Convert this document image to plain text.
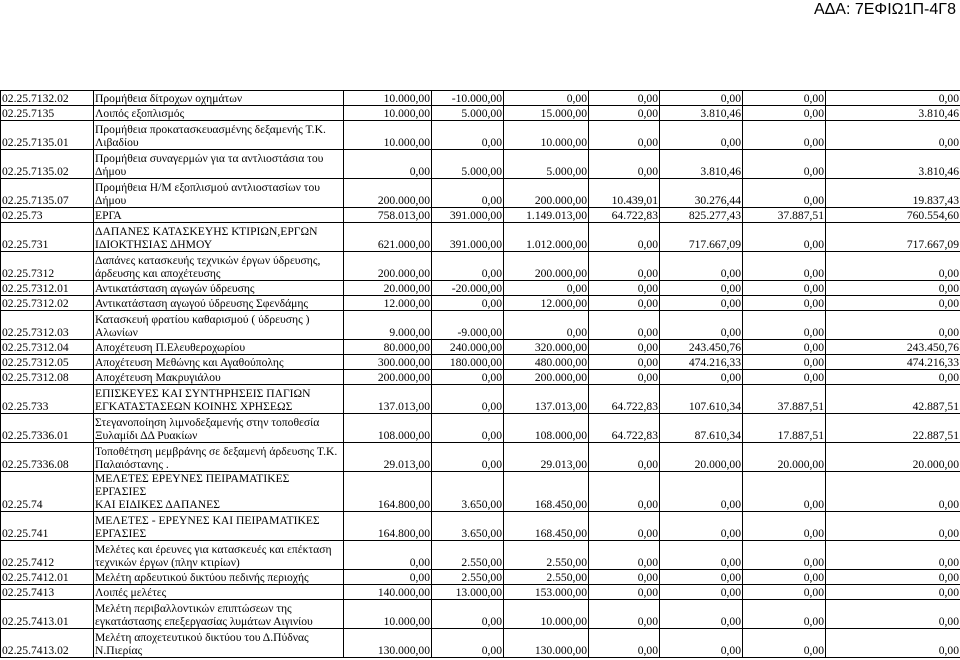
ΑΔΑ: 7ΕΦΙΩ1Π-4Γ8
02.25.7132.02	Προμήθεια δίτροχων οχημάτων	10.000,00	-10.000,00	0,00	0,00	0,00	0,00	0,00
02.25.7135	Λοιπός εξοπλισμός	10.000,00	5.000,00	15.000,00	0,00	3.810,46	0,00	3.810,46
02.25.7135.01	Προμήθεια προκατασκευασμένης δεξαμενής Τ.Κ.
Λιβαδίου	10.000,00	0,00	10.000,00	0,00	0,00	0,00	0,00
02.25.7135.02	Προμήθεια συναγερμών για τα αντλιοστάσια του
Δήμου	0,00	5.000,00	5.000,00	0,00	3.810,46	0,00	3.810,46
02.25.7135.07	Προμήθεια Η/Μ εξοπλισμού αντλιοστασίων του
Δήμου	200.000,00	0,00	200.000,00	10.439,01	30.276,44	0,00	19.837,43
02.25.73	ΕΡΓΑ	758.013,00	391.000,00	1.149.013,00	64.722,83	825.277,43	37.887,51	760.554,60
02.25.731	ΔΑΠΑΝΕΣ ΚΑΤΑΣΚΕΥΗΣ ΚΤΙΡΙΩΝ,ΕΡΓΩΝ
ΙΔΙΟΚΤΗΣΙΑΣ ΔΗΜΟΥ	621.000,00	391.000,00	1.012.000,00	0,00	717.667,09	0,00	717.667,09
02.25.7312	Δαπάνες κατασκευής τεχνικών έργων ύδρευσης,
άρδευσης και αποχέτευσης	200.000,00	0,00	200.000,00	0,00	0,00	0,00	0,00
02.25.7312.01	Αντικατάσταση αγωγών ύδρευσης	20.000,00	-20.000,00	0,00	0,00	0,00	0,00	0,00
02.25.7312.02	Αντικατάσταση αγωγού ύδρευσης Σφενδάμης	12.000,00	0,00	12.000,00	0,00	0,00	0,00	0,00
02.25.7312.03	Κατασκευή φρατίου καθαρισμού ( ύδρευσης )
Αλωνίων	9.000,00	-9.000,00	0,00	0,00	0,00	0,00	0,00
02.25.7312.04	Αποχέτευση Π.Ελευθεροχωρίου	80.000,00	240.000,00	320.000,00	0,00	243.450,76	0,00	243.450,76
02.25.7312.05	Αποχέτευση Μεθώνης και Αγαθούπολης	300.000,00	180.000,00	480.000,00	0,00	474.216,33	0,00	474.216,33
02.25.7312.08	Αποχέτευση Μακρυγιάλου	200.000,00	0,00	200.000,00	0,00	0,00	0,00	0,00
02.25.733	ΕΠΙΣΚΕΥΕΣ ΚΑΙ ΣΥΝΤΗΡΗΣΕΙΣ ΠΑΓΙΩΝ
ΕΓΚΑΤΑΣΤΑΣΕΩΝ ΚΟΙΝΗΣ ΧΡΗΣΕΩΣ	137.013,00	0,00	137.013,00	64.722,83	107.610,34	37.887,51	42.887,51
02.25.7336.01	Στεγανοποίηση λιμνοδεξαμενής στην τοποθεσία
Ξυλαμίδι ΔΔ Ρυακίων	108.000,00	0,00	108.000,00	64.722,83	87.610,34	17.887,51	22.887,51
02.25.7336.08	Τοποθέτηση μεμβράνης σε δεξαμενή άρδευσης Τ.Κ.
Παλαιόστανης .	29.013,00	0,00	29.013,00	0,00	20.000,00	20.000,00	20.000,00
02.25.74	ΜΕΛΕΤΕΣ ΕΡΕΥΝΕΣ ΠΕΙΡΑΜΑΤΙΚΕΣ ΕΡΓΑΣΙΕΣ
ΚΑΙ ΕΙΔΙΚΕΣ ΔΑΠΑΝΕΣ	164.800,00	3.650,00	168.450,00	0,00	0,00	0,00	0,00
02.25.741	ΜΕΛΕΤΕΣ - ΕΡΕΥΝΕΣ ΚΑΙ ΠΕΙΡΑΜΑΤΙΚΕΣ
ΕΡΓΑΣΙΕΣ	164.800,00	3.650,00	168.450,00	0,00	0,00	0,00	0,00
02.25.7412	Μελέτες και έρευνες για κατασκευές και επέκταση
τεχνικών έργων (πλην κτιρίων)	0,00	2.550,00	2.550,00	0,00	0,00	0,00	0,00
02.25.7412.01	Μελέτη αρδευτικού δικτύου πεδινής περιοχής	0,00	2.550,00	2.550,00	0,00	0,00	0,00	0,00
02.25.7413	Λοιπές μελέτες	140.000,00	13.000,00	153.000,00	0,00	0,00	0,00	0,00
02.25.7413.01	Μελέτη περιβαλλοντικών επιπτώσεων της
εγκατάστασης επεξεργασίας λυμάτων Αιγινίου	10.000,00	0,00	10.000,00	0,00	0,00	0,00	0,00
02.25.7413.02	Μελέτη αποχετευτικού δικτύου του Δ.Πύδνας
Ν.Πιερίας	130.000,00	0,00	130.000,00	0,00	0,00	0,00	0,00
